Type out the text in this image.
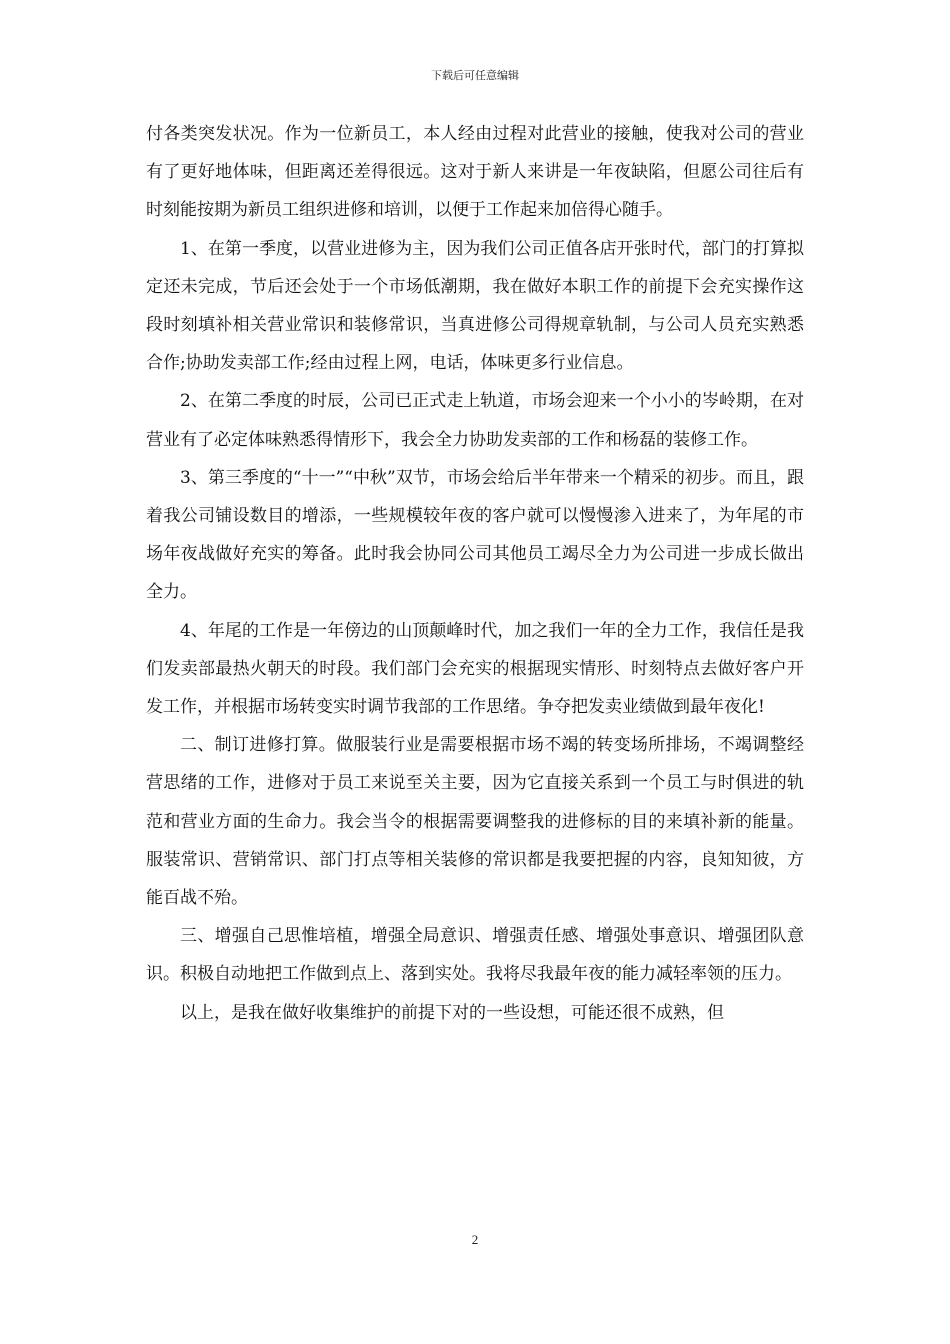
下载后可任意编辑

付各类突发状况。作为一位新员工，本人经由过程对此营业的接触，使我对公司的营业有了更好地体味，但距离还差得很远。这对于新人来讲是一年夜缺陷，但愿公司往后有时刻能按期为新员工组织进修和培训，以便于工作起来加倍得心随手。

1、在第一季度，以营业进修为主，因为我们公司正值各店开张时代，部门的打算拟定还未完成，节后还会处于一个市场低潮期，我在做好本职工作的前提下会充实操作这段时刻填补相关营业常识和装修常识，当真进修公司得规章轨制，与公司人员充实熟悉合作;协助发卖部工作;经由过程上网，电话，体味更多行业信息。

2、在第二季度的时辰，公司已正式走上轨道，市场会迎来一个小小的岑岭期，在对营业有了必定体味熟悉得情形下，我会全力协助发卖部的工作和杨磊的装修工作。

3、第三季度的“十一”“中秋”双节，市场会给后半年带来一个精采的初步。而且，跟着我公司铺设数目的增添，一些规模较年夜的客户就可以慢慢渗入进来了，为年尾的市场年夜战做好充实的筹备。此时我会协同公司其他员工竭尽全力为公司进一步成长做出全力。

4、年尾的工作是一年傍边的山顶颠峰时代，加之我们一年的全力工作，我信任是我们发卖部最热火朝天的时段。我们部门会充实的根据现实情形、时刻特点去做好客户开发工作，并根据市场转变实时调节我部的工作思绪。争夺把发卖业绩做到最年夜化!

二、制订进修打算。做服装行业是需要根据市场不竭的转变场所排场，不竭调整经营思绪的工作，进修对于员工来说至关主要，因为它直接关系到一个员工与时俱进的轨范和营业方面的生命力。我会当令的根据需要调整我的进修标的目的来填补新的能量。服装常识、营销常识、部门打点等相关装修的常识都是我要把握的内容，良知知彼，方能百战不殆。

三、增强自己思惟培植，增强全局意识、增强责任感、增强处事意识、增强团队意识。积极自动地把工作做到点上、落到实处。我将尽我最年夜的能力减轻率领的压力。

以上，是我在做好收集维护的前提下对的一些设想，可能还很不成熟，但

2
